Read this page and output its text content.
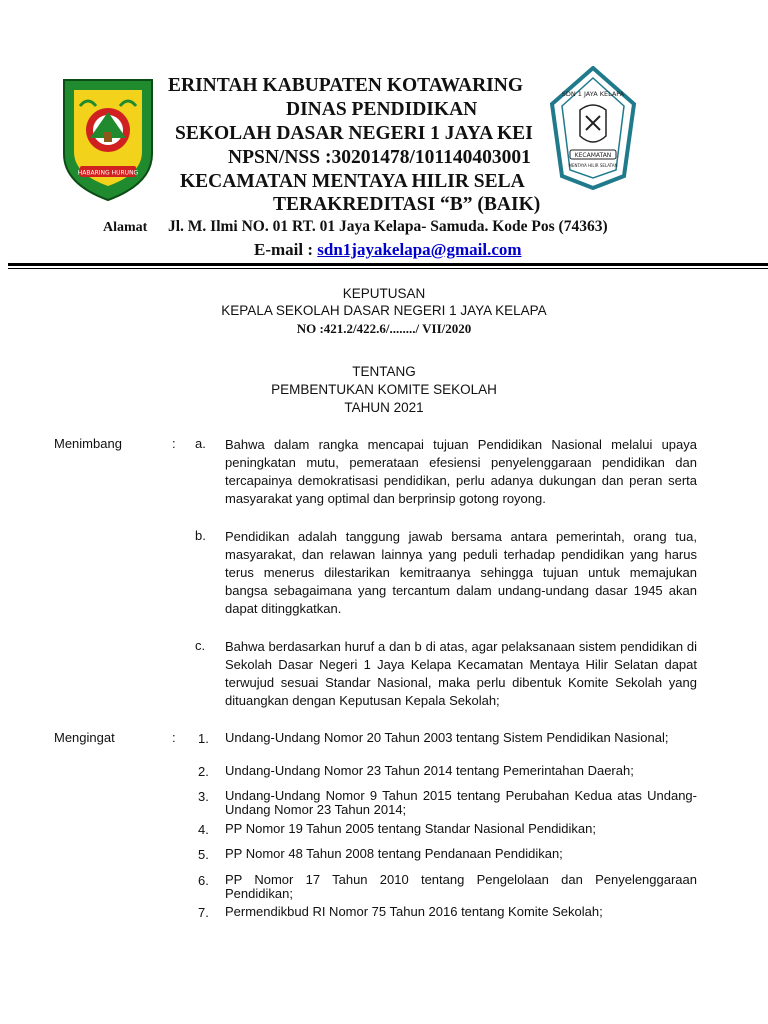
HABARING HURUNG
SDN 1 JAYA KELAPA
KECAMATAN
MENTAYA HILIR SELATAN
ERINTAH KABUPATEN KOTAWARING
DINAS PENDIDIKAN
SEKOLAH DASAR NEGERI 1 JAYA KEI
NPSN/NSS :30201478/101140403001
KECAMATAN MENTAYA HILIR SELA
TERAKREDITASI “B” (BAIK)
Alamat Jl. M. Ilmi NO. 01 RT. 01 Jaya Kelapa- Samuda. Kode Pos (74363)
E-mail : sdn1jayakelapa@gmail.com
KEPUTUSAN
KEPALA SEKOLAH DASAR NEGERI 1 JAYA KELAPA
NO :421.2/422.6/......../ VII/2020
TENTANG
PEMBENTUKAN KOMITE SEKOLAH
TAHUN 2021
Menimbang	: a. Bahwa dalam rangka mencapai tujuan Pendidikan Nasional melalui upaya peningkatan mutu, pemerataan efesiensi penyelenggaraan pendidikan dan tercapainya demokratisasi pendidikan, perlu adanya dukungan dan peran serta masyarakat yang optimal dan berprinsip gotong royong.
b. Pendidikan adalah tanggung jawab bersama antara pemerintah, orang tua, masyarakat, dan relawan lainnya yang peduli terhadap pendidikan yang harus terus menerus dilestarikan kemitraanya sehingga tujuan untuk memajukan bangsa sebagaimana yang tercantum dalam undang-undang dasar 1945 akan dapat ditinggkatkan.
c. Bahwa berdasarkan huruf a dan b di atas, agar pelaksanaan sistem pendidikan di Sekolah Dasar Negeri 1 Jaya Kelapa Kecamatan Mentaya Hilir Selatan dapat terwujud sesuai Standar Nasional, maka perlu dibentuk Komite Sekolah yang dituangkan dengan Keputusan Kepala Sekolah;
Mengingat	: 1. Undang-Undang Nomor 20 Tahun 2003 tentang Sistem Pendidikan Nasional;
2. Undang-Undang Nomor 23 Tahun 2014 tentang Pemerintahan Daerah;
3. Undang-Undang Nomor 9 Tahun 2015 tentang Perubahan Kedua atas Undang-Undang Nomor 23 Tahun 2014;
4. PP Nomor 19 Tahun 2005 tentang Standar Nasional Pendidikan;
5. PP Nomor 48 Tahun 2008 tentang Pendanaan Pendidikan;
6. PP Nomor 17 Tahun 2010 tentang Pengelolaan dan Penyelenggaraan Pendidikan;
7. Permendikbud RI Nomor 75 Tahun 2016 tentang Komite Sekolah;
